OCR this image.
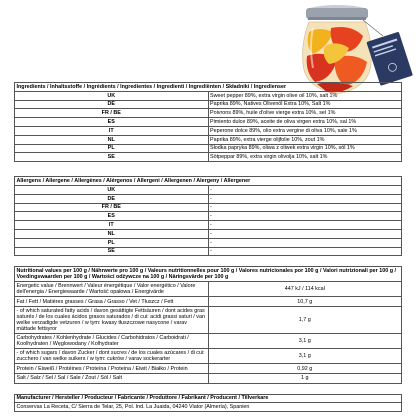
Ingredients / Inhaltsstoffe / Ingrédients / Ingredientes / Ingredienti / Ingrediënten / Składniki / Ingredienser	
UK	Sweet pepper 89%, extra virgin olive oil 10%, salt 1%
DE	Paprika 89%, Natives Olivenöl Extra 10%, Salt 1%
FR / BE	Poivrons 89%, huile d'olive vierge extra 10%, sel 1%
ES	Pimiento dulce 89%, aceite de oliva virgen extra 10%, sal 1%
IT	Peperone dolce 89%, olio extra vergine di oliva 10%, sale 1%
NL	Paprika 89%, extra vierge olijfolie 10%, zout 1%
PL	Słodka papryka 89%, oliwa z oliwek extra virgin 10%, sól 1%
SE	Sötpeppar 89%, extra virgin olivolja 10%, salt 1%
Allergens / Allergene / Allergènes / Alérgenos / Allergeni / Allergenen / Alergeny / Allergener	
UK	-
DE	-
FR / BE	-
ES	-
IT	-
NL	-
PL	-
SE	-
Nutritional values per 100 g / Nährwerte pro 100 g / Valeurs nutritionnelles pour 100 g / Valores nutricionales por 100 g / Valori nutrizionali per 100 g / Voedingswaarden per 100 g / Wartości odżywcze na 100 g / Näringsvärde per 100 g	
Energetic value / Brennwert / Valeur énergétique / Valor energético / Valore dell'energia / Energiewaarde / Wartość opałowa / Energivärde	447 kJ / 114 kcal
Fat / Fett / Matières grasses / Grasa / Grasso / Vet / Tłuszcz / Fett	10,7 g
- of which saturated fatty acids / davon gesättigte Fettsäuren / dont acides gras saturés / de los cuales ácidos grasos saturados / di cui: acidi grassi saturi / van welke verzadigde vetzuren / w tym: kwasy tłuszczowe nasycone / varav mättade fettsyror	1,7 g
Carbohydrates / Kohlenhydrate / Glucides / Carbohidratos / Carboidrati / Koolhydraten / Węglowodany / Kolhydrater	3,1 g
- of which sugars / davon Zucker / dont sucres / de los cuales azúcares / di cui: zucchero / van welke suikers / w tym: cukrów / varav sockerarter	3,1 g
Protein / Eiweiß / Protéines / Proteína / Proteina / Eiwit / Białko / Protein	0,92 g
Salt / Salz / Sel / Sal / Sale / Zout / Sól / Salt	1 g
Manufacturer / Hersteller / Producteur / Fabricante / Produttore / Fabrikant / Producent / Tillverkare
Conservas La Receta, C/ Sierra de Telar, 25, Pol. Ind. La Juaida, 04240 Viator (Almería), Spanien
